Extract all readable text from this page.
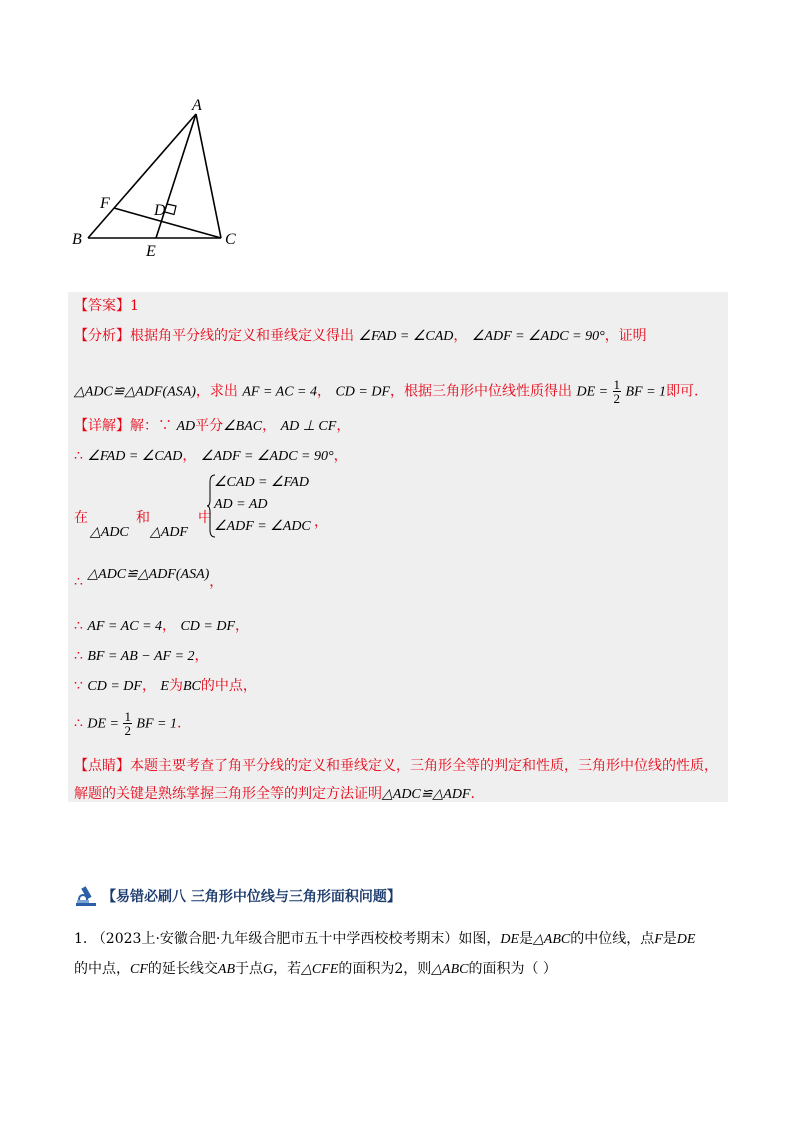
A
B	C
D
E
F
【答案】1
【分析】根据角平分线的定义和垂线定义得出 ∠FAD = ∠CAD， ∠ADF = ∠ADC = 90°，证明
△ADC≌△ADF(ASA)，求出 AF = AC = 4， CD = DF，根据三角形中位线性质得出 DE = $\frac{1}{2}$ BF = 1即可.
【详解】解：∵ AD平分∠BAC， AD ⊥ CF，
∴ ∠FAD = ∠CAD， ∠ADF = ∠ADC = 90°，
在
△ADC
和
△ADF
中
∠CAD = ∠FAD
AD = AD
∠ADF = ∠ADC ，
∴ △ADC≌△ADF(ASA)，
∴ AF = AC = 4， CD = DF，
∴ BF = AB − AF = 2，
∵ CD = DF， E为BC的中点，
∴ DE = $\frac{1}{2}$ BF = 1.
【点睛】本题主要考查了角平分线的定义和垂线定义，三角形全等的判定和性质，三角形中位线的性质，
解题的关键是熟练掌握三角形全等的判定方法证明△ADC≌△ADF.
【易错必刷八 三角形中位线与三角形面积问题】
1. （2023上·安徽合肥·九年级合肥市五十中学西校校考期末）如图，DE是△ABC的中位线，点F是DE
的中点，CF的延长线交AB于点G，若△CFE的面积为2，则△ABC的面积为（ ）
